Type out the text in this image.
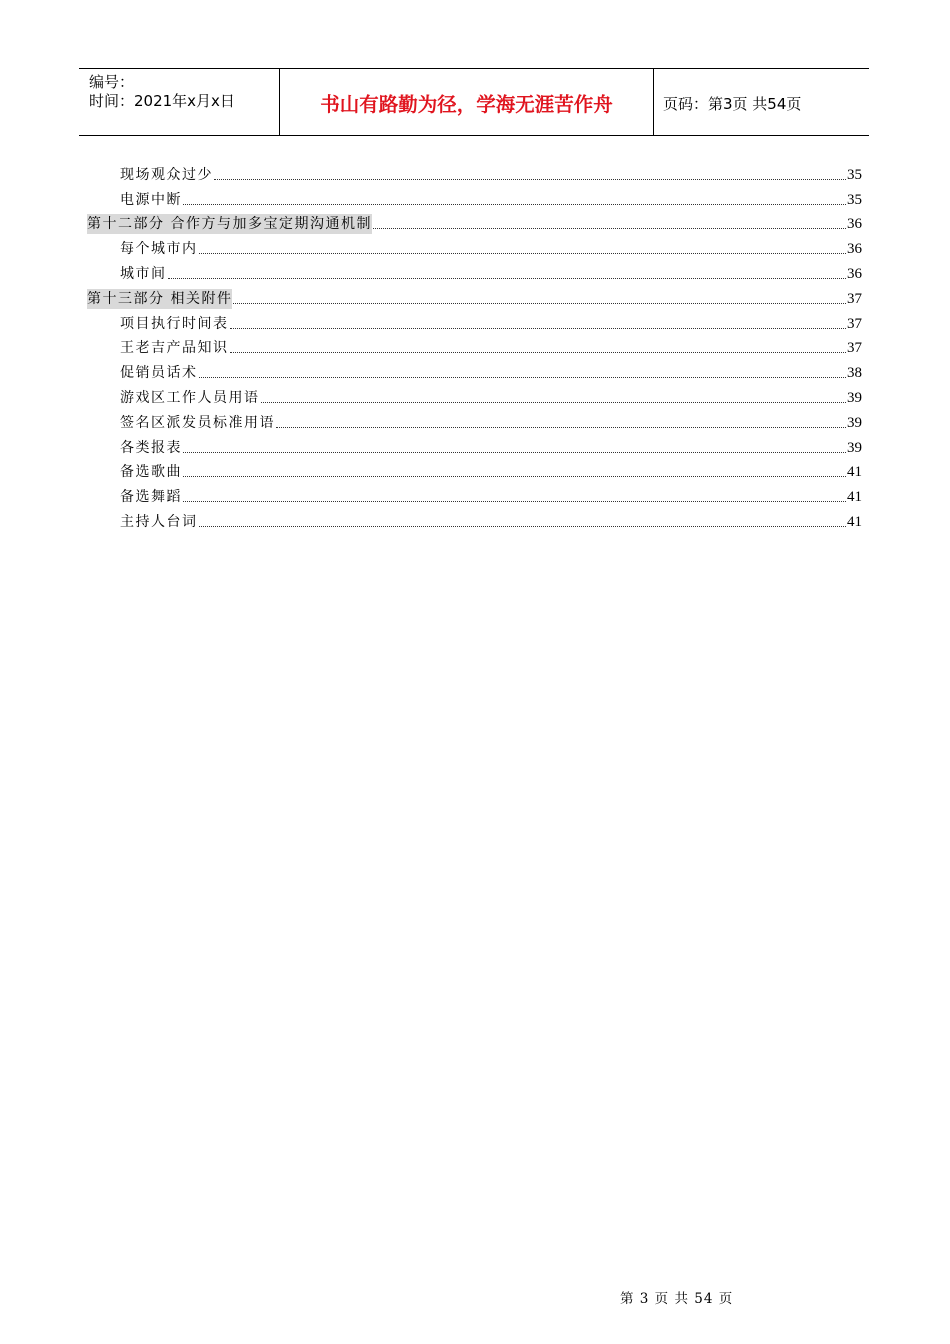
编号：
时间：2021年x月x日	书山有路勤为径，学海无涯苦作舟	页码：第3页 共54页
现场观众过少	35
电源中断	35
第十二部分 合作方与加多宝定期沟通机制	36
每个城市内	36
城市间	36
第十三部分 相关附件	37
项目执行时间表	37
王老吉产品知识	37
促销员话术	38
游戏区工作人员用语	39
签名区派发员标准用语	39
各类报表	39
备选歌曲	41
备选舞蹈	41
主持人台词	41
第 3 页 共 54 页
